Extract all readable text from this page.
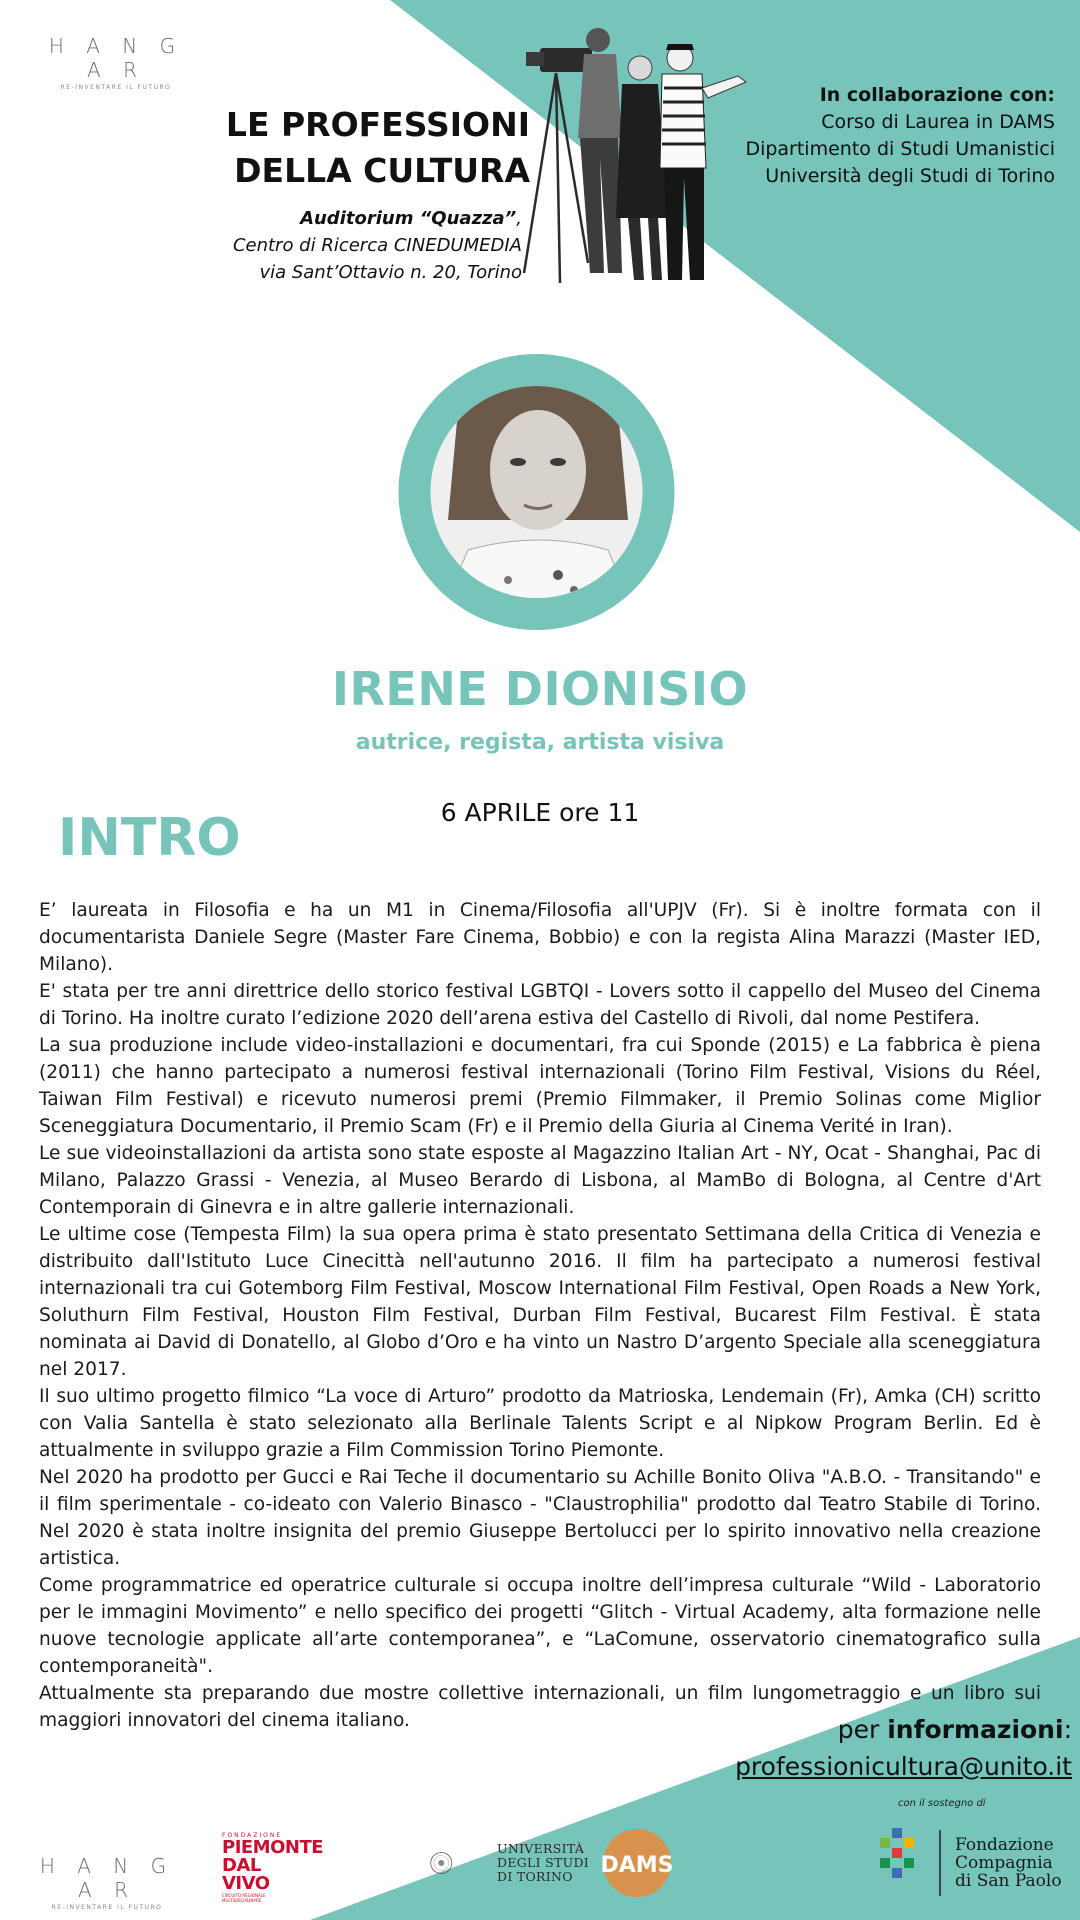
H A N G A R
RE-INVENTARE IL FUTURO
LE PROFESSIONI
DELLA CULTURA
Auditorium “Quazza”,
Centro di Ricerca CINEDUMEDIA
via Sant’Ottavio n. 20, Torino
In collaborazione con:
Corso di Laurea in DAMS
Dipartimento di Studi Umanistici
Università degli Studi di Torino
IRENE DIONISIO
autrice, regista, artista visiva
6 APRILE ore 11
INTRO

E’ laureata in Filosofia e ha un M1 in Cinema/Filosofia all'UPJV (Fr). Si è inoltre formata con il documentarista Daniele Segre (Master Fare Cinema, Bobbio) e con la regista Alina Marazzi (Master IED, Milano).

E' stata per tre anni direttrice dello storico festival LGBTQI - Lovers sotto il cappello del Museo del Cinema di Torino. Ha inoltre curato l’edizione 2020 dell’arena estiva del Castello di Rivoli, dal nome Pestifera.

La sua produzione include video-installazioni e documentari, fra cui Sponde (2015) e La fabbrica è piena (2011) che hanno partecipato a numerosi festival internazionali (Torino Film Festival, Visions du Réel, Taiwan Film Festival) e ricevuto numerosi premi (Premio Filmmaker, il Premio Solinas come Miglior Sceneggiatura Documentario, il Premio Scam (Fr) e il Premio della Giuria al Cinema Verité in Iran).

Le sue videoinstallazioni da artista sono state esposte al Magazzino Italian Art - NY, Ocat - Shanghai, Pac di Milano, Palazzo Grassi - Venezia, al Museo Berardo di Lisbona, al MamBo di Bologna, al Centre d'Art Contemporain di Ginevra e in altre gallerie internazionali.

Le ultime cose (Tempesta Film) la sua opera prima è stato presentato Settimana della Critica di Venezia e distribuito dall'Istituto Luce Cinecittà nell'autunno 2016. Il film ha partecipato a numerosi festival internazionali tra cui Gotemborg Film Festival, Moscow International Film Festival, Open Roads a New York, Soluthurn Film Festival, Houston Film Festival, Durban Film Festival, Bucarest Film Festival. È stata nominata ai David di Donatello, al Globo d’Oro e ha vinto un Nastro D’argento Speciale alla sceneggiatura nel 2017.

Il suo ultimo progetto filmico “La voce di Arturo” prodotto da Matrioska, Lendemain (Fr), Amka (CH) scritto con Valia Santella è stato selezionato alla Berlinale Talents Script e al Nipkow Program Berlin. Ed è attualmente in sviluppo grazie a Film Commission Torino Piemonte.

Nel 2020 ha prodotto per Gucci e Rai Teche il documentario su Achille Bonito Oliva "A.B.O. - Transitando" e il film sperimentale - co-ideato con Valerio Binasco - "Claustrophilia" prodotto dal Teatro Stabile di Torino. Nel 2020 è stata inoltre insignita del premio Giuseppe Bertolucci per lo spirito innovativo nella creazione artistica.

Come programmatrice ed operatrice culturale si occupa inoltre dell’impresa culturale “Wild - Laboratorio per le immagini Movimento” e nello specifico dei progetti “Glitch - Virtual Academy, alta formazione nelle nuove tecnologie applicate all’arte contemporanea”, e “LaComune, osservatorio cinematografico sulla contemporaneità".

Attualmente sta preparando due mostre collettive internazionali, un film lungometraggio e un libro sui maggiori innovatori del cinema italiano.	per informazioni:
professionicultura@unito.it
con il sostegno di
H A N G A R
RE-INVENTARE IL FUTURO
FONDAZIONE
PIEMONTE
DAL VIVO
CIRCUITO REGIONALE MULTIDISCIPLINARE
UNIVERSITÀ
DEGLI STUDI
DI TORINO	DAMS
Fondazione
Compagnia
di San Paolo
